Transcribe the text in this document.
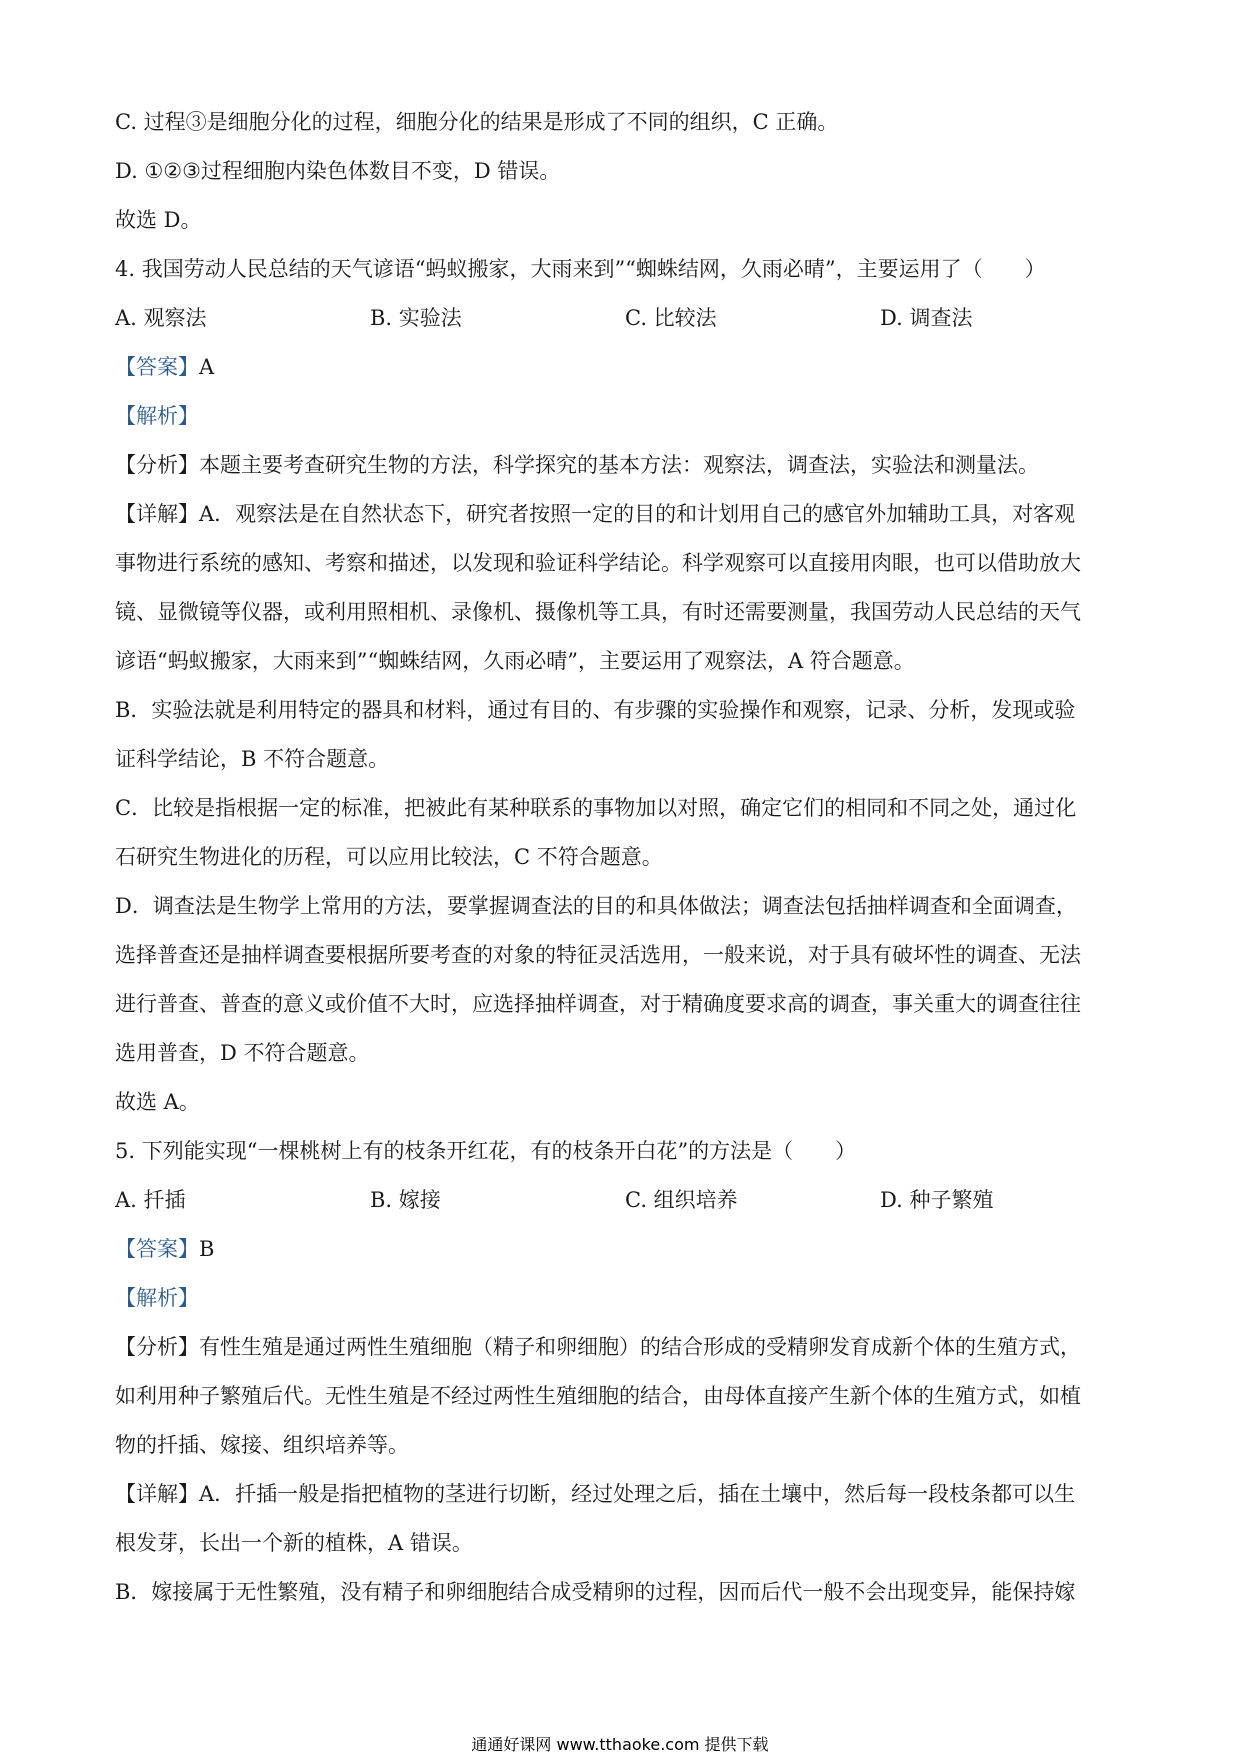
C. 过程③是细胞分化的过程，细胞分化的结果是形成了不同的组织，C 正确。
D. ①②③过程细胞内染色体数目不变，D 错误。
故选 D。
4. 我国劳动人民总结的天气谚语“蚂蚁搬家，大雨来到”“蜘蛛结网，久雨必晴”，主要运用了（　　）
A. 观察法	B. 实验法	C. 比较法	D. 调查法
【答案】A
【解析】
【分析】本题主要考查研究生物的方法，科学探究的基本方法：观察法，调查法，实验法和测量法。
【详解】A．观察法是在自然状态下，研究者按照一定的目的和计划用自己的感官外加辅助工具，对客观
事物进行系统的感知、考察和描述，以发现和验证科学结论。科学观察可以直接用肉眼，也可以借助放大
镜、显微镜等仪器，或利用照相机、录像机、摄像机等工具，有时还需要测量，我国劳动人民总结的天气
谚语“蚂蚁搬家，大雨来到”“蜘蛛结网，久雨必晴”，主要运用了观察法，A 符合题意。
B．实验法就是利用特定的器具和材料，通过有目的、有步骤的实验操作和观察，记录、分析，发现或验
证科学结论，B 不符合题意。
C．比较是指根据一定的标准，把被此有某种联系的事物加以对照，确定它们的相同和不同之处，通过化
石研究生物进化的历程，可以应用比较法，C 不符合题意。
D．调查法是生物学上常用的方法，要掌握调查法的目的和具体做法；调查法包括抽样调查和全面调查，
选择普查还是抽样调查要根据所要考查的对象的特征灵活选用，一般来说，对于具有破坏性的调查、无法
进行普查、普查的意义或价值不大时，应选择抽样调查，对于精确度要求高的调查，事关重大的调查往往
选用普查，D 不符合题意。
故选 A。
5. 下列能实现“一棵桃树上有的枝条开红花，有的枝条开白花”的方法是（　　）
A. 扦插	B. 嫁接	C. 组织培养	D. 种子繁殖
【答案】B
【解析】
【分析】有性生殖是通过两性生殖细胞（精子和卵细胞）的结合形成的受精卵发育成新个体的生殖方式，
如利用种子繁殖后代。无性生殖是不经过两性生殖细胞的结合，由母体直接产生新个体的生殖方式，如植
物的扦插、嫁接、组织培养等。
【详解】A．扦插一般是指把植物的茎进行切断，经过处理之后，插在土壤中，然后每一段枝条都可以生
根发芽，长出一个新的植株，A 错误。
B．嫁接属于无性繁殖，没有精子和卵细胞结合成受精卵的过程，因而后代一般不会出现变异，能保持嫁
通通好课网 www.tthaoke.com 提供下载
